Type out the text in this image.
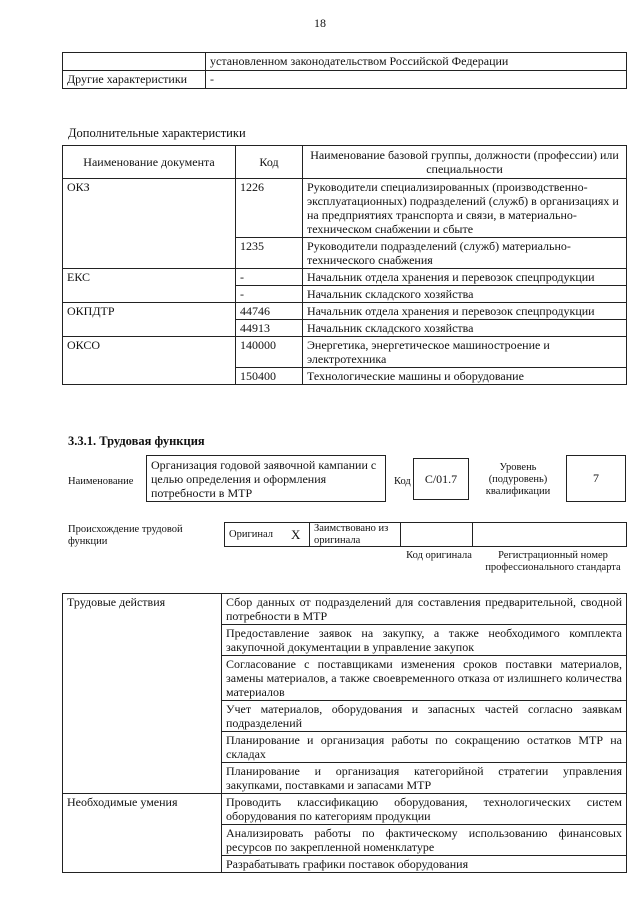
18
	установленном законодательством Российской Федерации
Другие характеристики	-
Дополнительные характеристики
Наименование документа	Код	Наименование базовой группы, должности (профессии) или специальности
ОКЗ	1226	Руководители специализированных (производственно-эксплуатационных) подразделений (служб) в организациях и на предприятиях транспорта и связи, в материально-техническом снабжении и сбыте
	1235	Руководители подразделений (служб) материально-технического снабжения
ЕКС	-	Начальник отдела хранения и перевозок спецпродукции
	-	Начальник складского хозяйства
ОКПДТР	44746	Начальник отдела хранения и перевозок спецпродукции
	44913	Начальник складского хозяйства
ОКСО	140000	Энергетика, энергетическое машиностроение и электротехника
	150400	Технологические машины и оборудование
3.3.1. Трудовая функция
Наименование
Организация годовой заявочной кампании с целью определения и оформления потребности в МТР
Код	C/01.7
Уровень (подуровень) квалификации
7
Происхождение трудовой функции
Оригинал X Заимствовано из оригинала
Код оригинала	Регистрационный номер профессионального стандарта
Трудовые действия	Сбор данных от подразделений для составления предварительной, сводной потребности в МТР
	Предоставление заявок на закупку, а также необходимого комплекта закупочной документации в управление закупок
	Согласование с поставщиками изменения сроков поставки материалов, замены материалов, а также своевременного отказа от излишнего количества материалов
	Учет материалов, оборудования и запасных частей согласно заявкам подразделений
	Планирование и организация работы по сокращению остатков МТР на складах
	Планирование и организация категорийной стратегии управления закупками, поставками и запасами МТР
Необходимые умения	Проводить классификацию оборудования, технологических систем оборудования по категориям продукции
	Анализировать работы по фактическому использованию финансовых ресурсов по закрепленной номенклатуре
	Разрабатывать графики поставок оборудования
